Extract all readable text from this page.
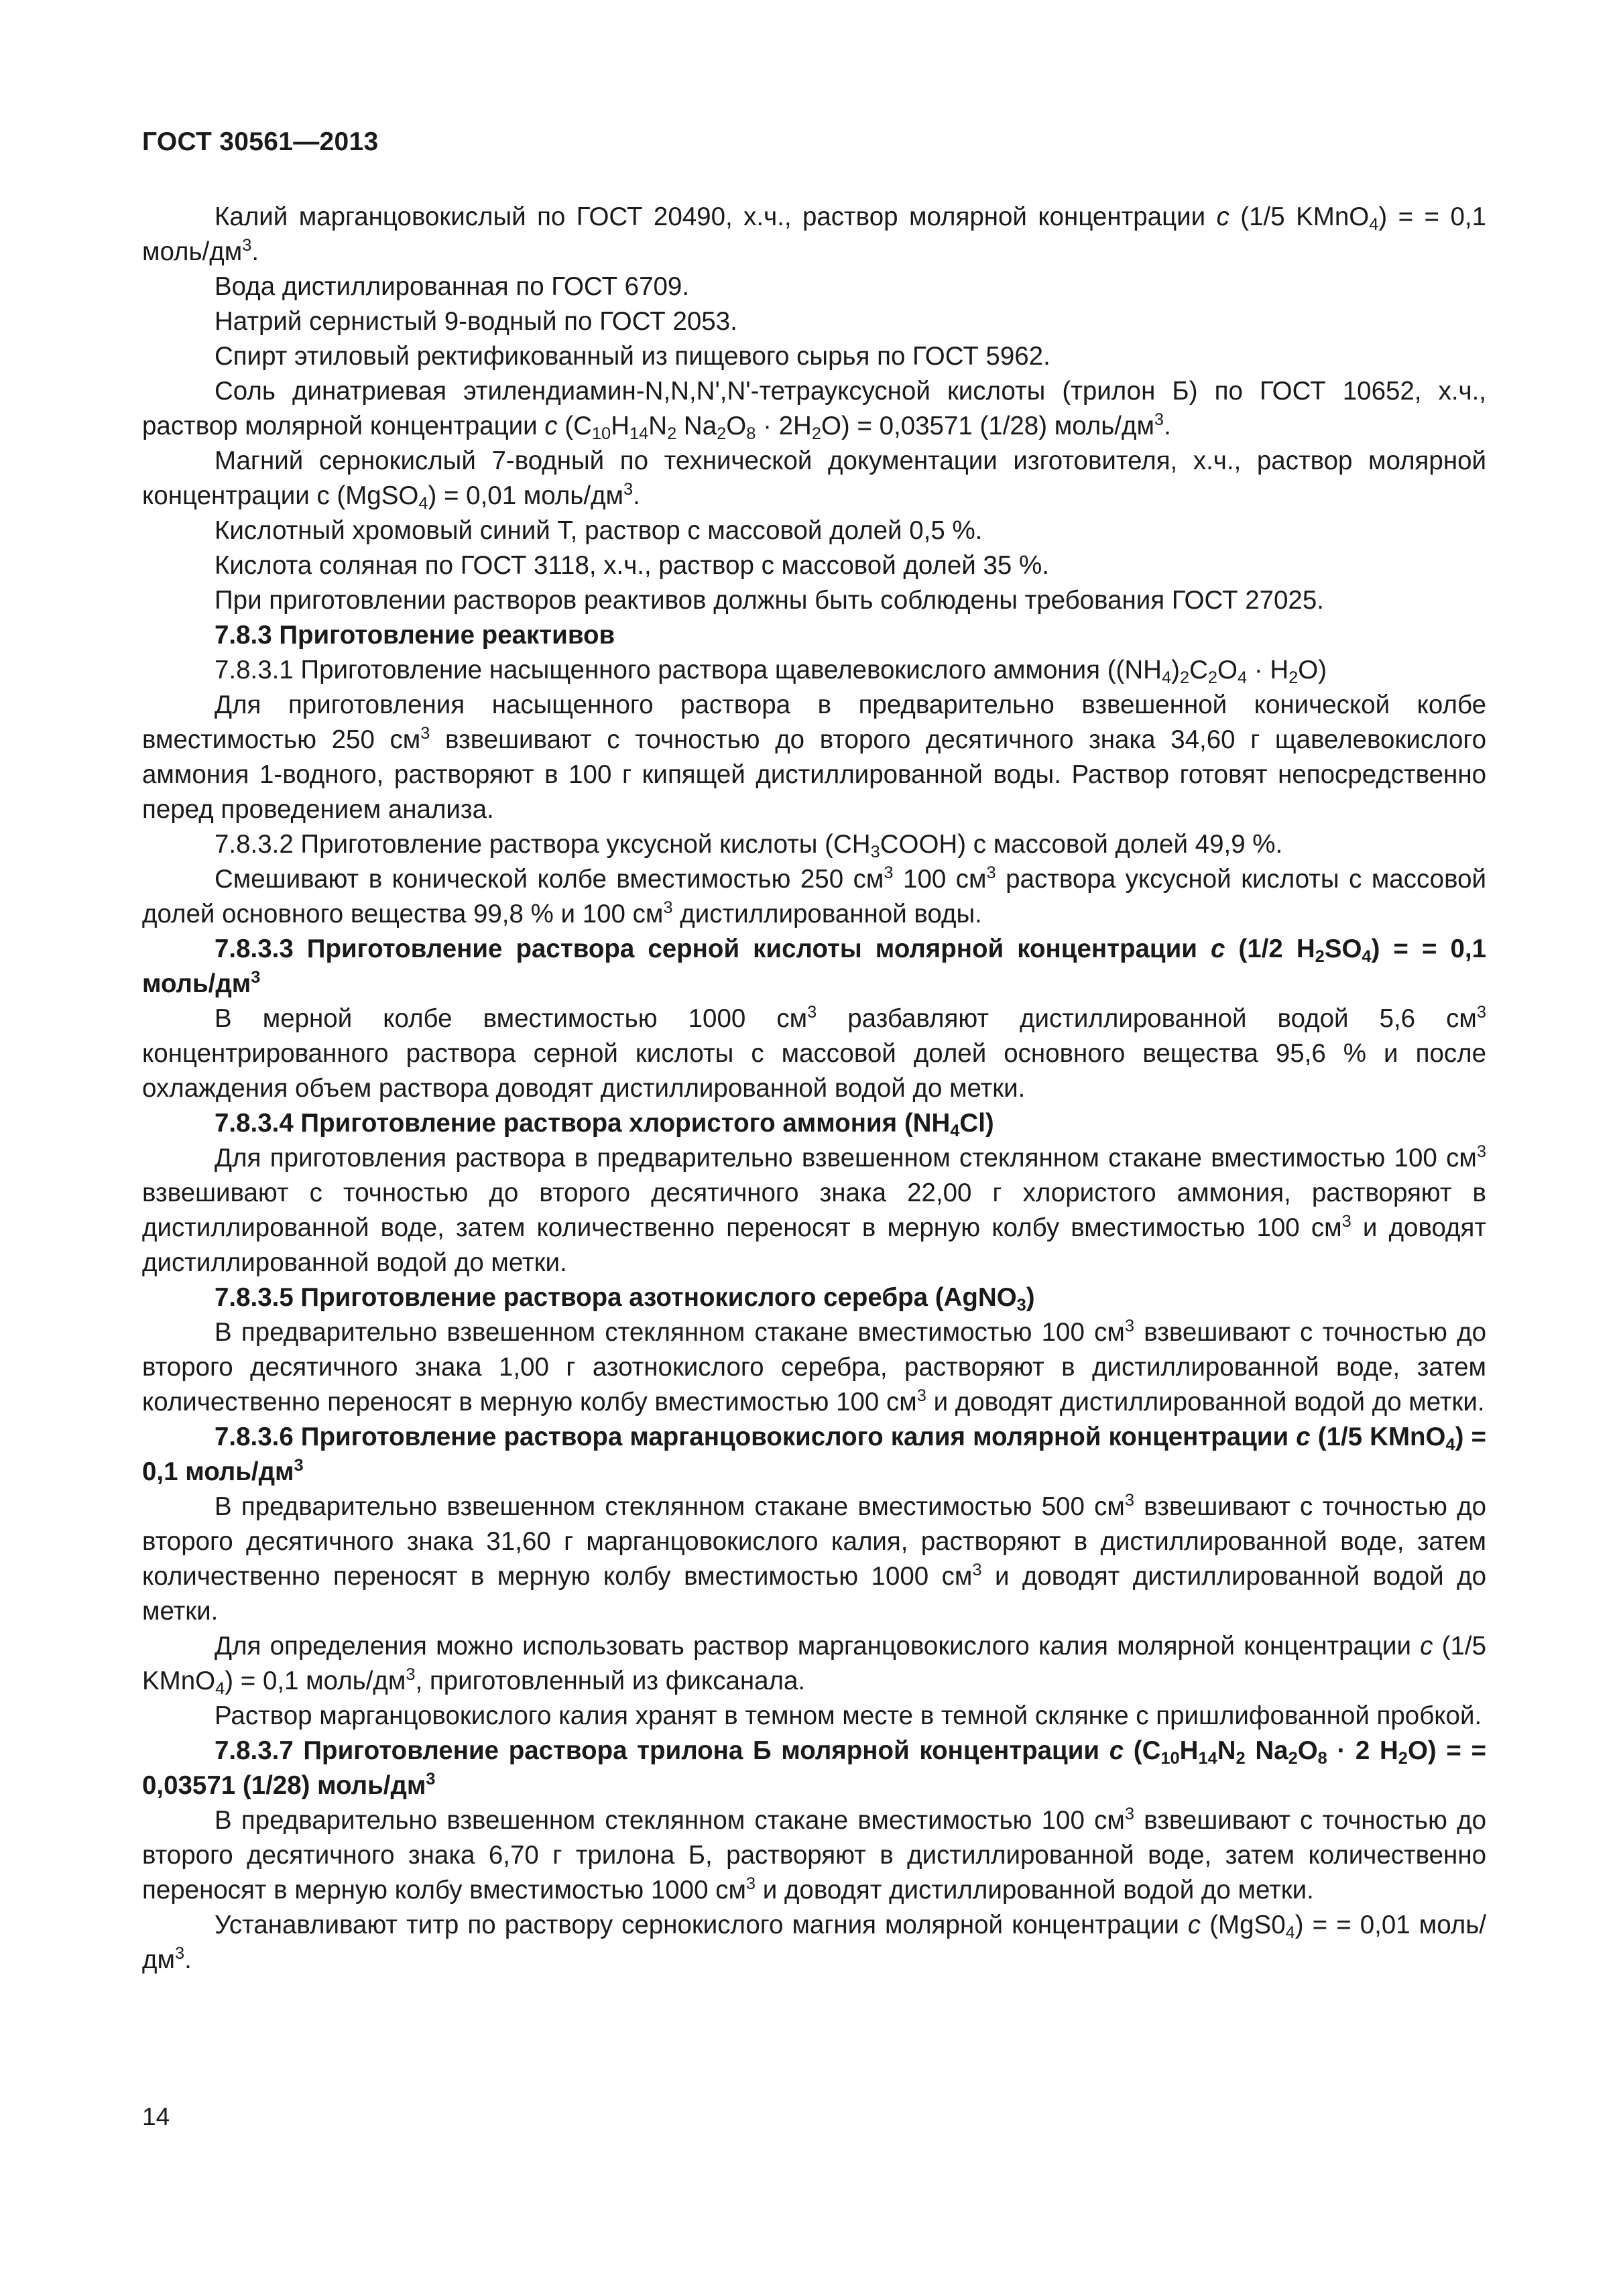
ГОСТ 30561—2013

Калий марганцовокислый по ГОСТ 20490, х.ч., раствор молярной концентрации с (1/5 KMnO$_4$) = = 0,1 моль/$дм^3$.

Вода дистиллированная по ГОСТ 6709.

Натрий сернистый 9-водный по ГОСТ 2053.

Спирт этиловый ректификованный из пищевого сырья по ГОСТ 5962.

Соль динатриевая этилендиамин-N,N,N',N'-тетрауксусной кислоты (трилон Б) по ГОСТ 10652, х.ч., раствор молярной концентрации с ($С_{10}Н_{14}N_2$ $Na_2O_8 \cdot 2H_2O) = 0,03571$ (1/28) моль/$дм^3$.

Магний сернокислый 7-водный по технической документации изготовителя, х.ч., раствор молярной концентрации с (MgSO$_4$) = 0,01 моль/$дм^3$.

Кислотный хромовый синий Т, раствор с массовой долей 0,5 %.

Кислота соляная по ГОСТ 3118, х.ч., раствор с массовой долей 35 %.

При приготовлении растворов реактивов должны быть соблюдены требования ГОСТ 27025.

7.8.3 Приготовление реактивов

7.8.3.1 Приготовление насыщенного раствора щавелевокислого аммония $((NH_4)_2C_2O_4 \cdot H_2O)$

Для приготовления насыщенного раствора в предварительно взвешенной конической колбе вместимостью 250 $см^3$ взвешивают с точностью до второго десятичного знака 34,60 г щавелевокислого аммония 1-водного, растворяют в 100 г кипящей дистиллированной воды. Раствор готовят непосредственно перед проведением анализа.

7.8.3.2 Приготовление раствора уксусной кислоты $(CH_3COOH)$ с массовой долей 49,9 %.

Смешивают в конической колбе вместимостью 250 $см^3$ 100 $см^3$ раствора уксусной кислоты с массовой долей основного вещества 99,8 % и 100 $см^3$ дистиллированной воды.

7.8.3.3 Приготовление раствора серной кислоты молярной концентрации с (1/2 $H_2SO_4$) = = 0,1 моль/$дм^3$

В мерной колбе вместимостью 1000 $см^3$ разбавляют дистиллированной водой 5,6 $см^3$ концентрированного раствора серной кислоты с массовой долей основного вещества 95,6 % и после охлаждения объем раствора доводят дистиллированной водой до метки.

7.8.3.4 Приготовление раствора хлористого аммония $(NH_4Cl)$

Для приготовления раствора в предварительно взвешенном стеклянном стакане вместимостью 100 $см^3$ взвешивают с точностью до второго десятичного знака 22,00 г хлористого аммония, растворяют в дистиллированной воде, затем количественно переносят в мерную колбу вместимостью 100 $см^3$ и доводят дистиллированной водой до метки.

7.8.3.5 Приготовление раствора азотнокислого серебра (AgNO$_3$)

В предварительно взвешенном стеклянном стакане вместимостью 100 $см^3$ взвешивают с точностью до второго десятичного знака 1,00 г азотнокислого серебра, растворяют в дистиллированной воде, затем количественно переносят в мерную колбу вместимостью 100 $см^3$ и доводят дистиллированной водой до метки.

7.8.3.6 Приготовление раствора марганцовокислого калия молярной концентрации с (1/5 KMnO$_4$) = 0,1 моль/$дм^3$

В предварительно взвешенном стеклянном стакане вместимостью 500 $см^3$ взвешивают с точностью до второго десятичного знака 31,60 г марганцовокислого калия, растворяют в дистиллированной воде, затем количественно переносят в мерную колбу вместимостью 1000 $см^3$ и доводят дистиллированной водой до метки.

Для определения можно использовать раствор марганцовокислого калия молярной концентрации с (1/5 KMnO$_4$) = 0,1 моль/$дм^3$, приготовленный из фиксанала.

Раствор марганцовокислого калия хранят в темном месте в темной склянке с пришлифованной пробкой.

7.8.3.7 Приготовление раствора трилона Б молярной концентрации с ($С_{10}Н_{14}N_2$ $Na_2O_8 \cdot 2$ $H_2O$) = = 0,03571 (1/28) моль/$дм^3$

В предварительно взвешенном стеклянном стакане вместимостью 100 $см^3$ взвешивают с точностью до второго десятичного знака 6,70 г трилона Б, растворяют в дистиллированной воде, затем количественно переносят в мерную колбу вместимостью 1000 $см^3$ и доводят дистиллированной водой до метки.

Устанавливают титр по раствору сернокислого магния молярной концентрации с $(MgS0_4)$ = = 0,01 моль/$дм^3$.

14
